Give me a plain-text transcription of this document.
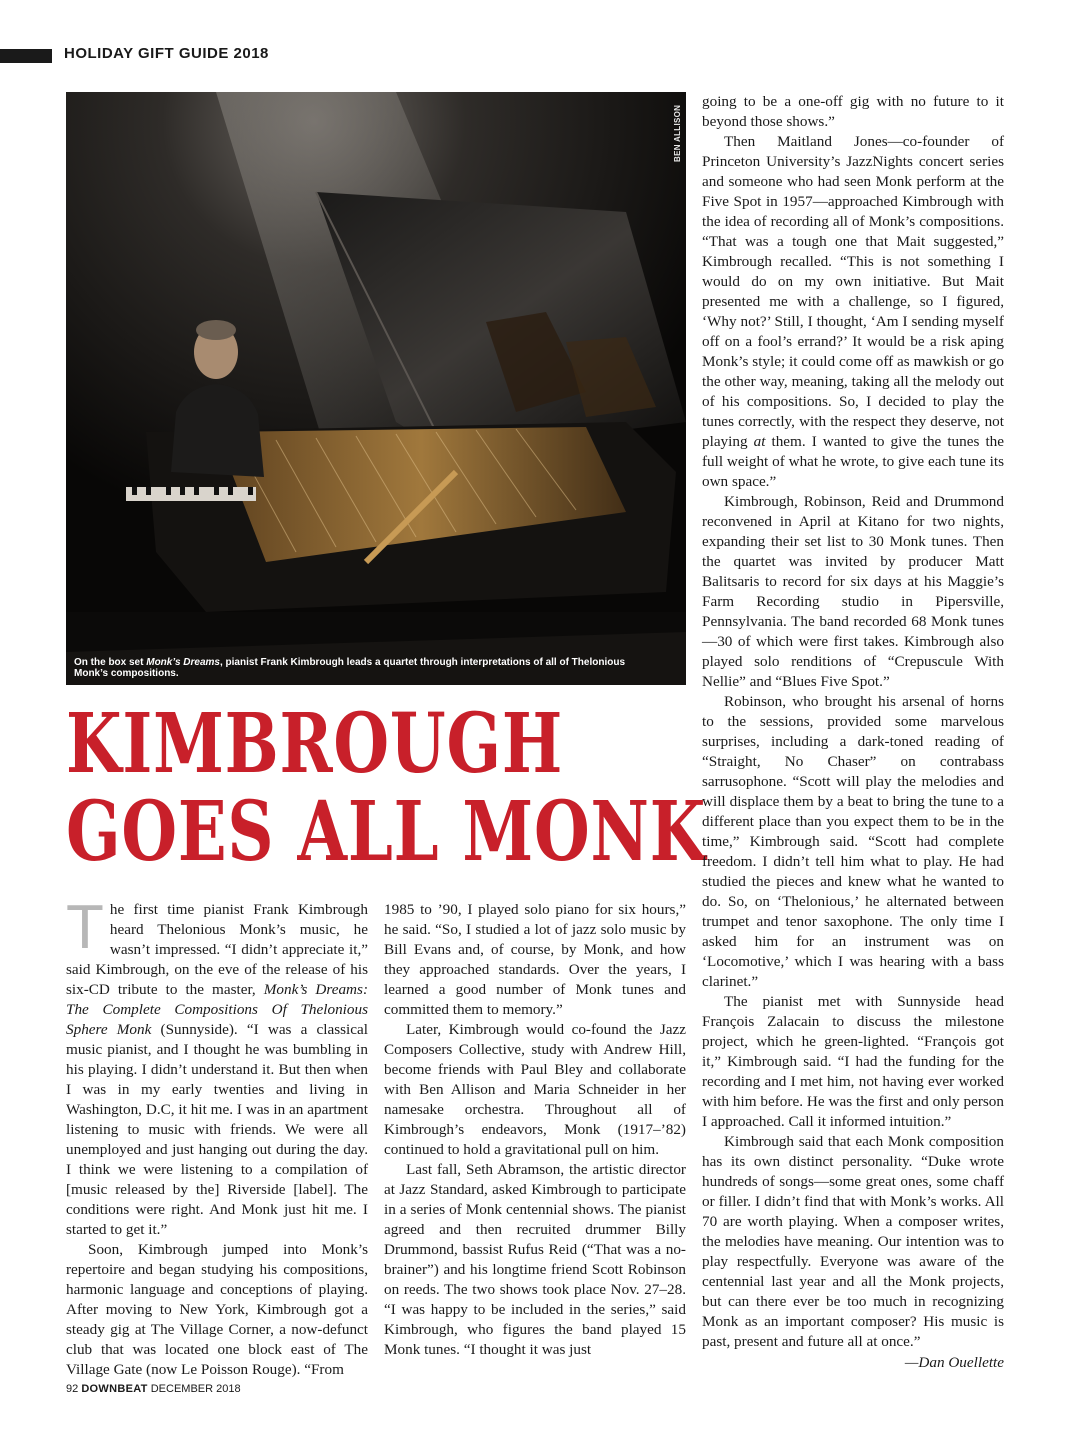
HOLIDAY GIFT GUIDE 2018
BEN ALLISON
On the box set Monk’s Dreams, pianist Frank Kimbrough leads a quartet through interpretations of all of Thelonious Monk’s compositions.
KIMBROUGH
GOES ALL MONK

The first time pianist Frank Kimbrough heard Thelonious Monk’s music, he wasn’t impressed. “I didn’t appreciate it,” said Kimbrough, on the eve of the release of his six-CD tribute to the master, Monk’s Dreams: The Complete Compositions Of Thelonious Sphere Monk (Sunnyside). “I was a classical music pianist, and I thought he was bumbling in his playing. I didn’t understand it. But then when I was in my early twenties and living in Washington, D.C, it hit me. I was in an apartment listening to music with friends. We were all unemployed and just hanging out during the day. I think we were listening to a compilation of [music released by the] Riverside [label]. The conditions were right. And Monk just hit me. I started to get it.”

Soon, Kimbrough jumped into Monk’s repertoire and began studying his compositions, harmonic language and conceptions of playing. After moving to New York, Kimbrough got a steady gig at The Village Corner, a now-defunct club that was located one block east of The Village Gate (now Le Poisson Rouge). “From

1985 to ’90, I played solo piano for six hours,” he said. “So, I studied a lot of jazz solo music by Bill Evans and, of course, by Monk, and how they approached standards. Over the years, I learned a good number of Monk tunes and committed them to memory.”

Later, Kimbrough would co-found the Jazz Composers Collective, study with Andrew Hill, become friends with Paul Bley and collaborate with Ben Allison and Maria Schneider in her namesake orchestra. Throughout all of Kimbrough’s endeavors, Monk (1917–’82) continued to hold a gravitational pull on him.

Last fall, Seth Abramson, the artistic director at Jazz Standard, asked Kimbrough to participate in a series of Monk centennial shows. The pianist agreed and then recruited drummer Billy Drummond, bassist Rufus Reid (“That was a no-brainer”) and his longtime friend Scott Robinson on reeds. The two shows took place Nov. 27–28. “I was happy to be included in the series,” said Kimbrough, who figures the band played 15 Monk tunes. “I thought it was just

going to be a one-off gig with no future to it beyond those shows.”

Then Maitland Jones—co-founder of Princeton University’s JazzNights concert series and someone who had seen Monk perform at the Five Spot in 1957—approached Kimbrough with the idea of recording all of Monk’s compositions. “That was a tough one that Mait suggested,” Kimbrough recalled. “This is not something I would do on my own initiative. But Mait presented me with a challenge, so I figured, ‘Why not?’ Still, I thought, ‘Am I sending myself off on a fool’s errand?’ It would be a risk aping Monk’s style; it could come off as mawkish or go the other way, meaning, taking all the melody out of his compositions. So, I decided to play the tunes correctly, with the respect they deserve, not playing at them. I wanted to give the tunes the full weight of what he wrote, to give each tune its own space.”

Kimbrough, Robinson, Reid and Drummond reconvened in April at Kitano for two nights, expanding their set list to 30 Monk tunes. Then the quartet was invited by producer Matt Balitsaris to record for six days at his Maggie’s Farm Recording studio in Pipersville, Pennsylvania. The band recorded 68 Monk tunes—30 of which were first takes. Kimbrough also played solo renditions of “Crepuscule With Nellie” and “Blues Five Spot.”

Robinson, who brought his arsenal of horns to the sessions, provided some marvelous surprises, including a dark-toned reading of “Straight, No Chaser” on contrabass sarrusophone. “Scott will play the melodies and will displace them by a beat to bring the tune to a different place than you expect them to be in the time,” Kimbrough said. “Scott had complete freedom. I didn’t tell him what to play. He had studied the pieces and knew what he wanted to do. So, on ‘Thelonious,’ he alternated between trumpet and tenor saxophone. The only time I asked him for an instrument was on ‘Locomotive,’ which I was hearing with a bass clarinet.”

The pianist met with Sunnyside head François Zalacain to discuss the milestone project, which he green-lighted. “François got it,” Kimbrough said. “I had the funding for the recording and I met him, not having ever worked with him before. He was the first and only person I approached. Call it informed intuition.”

Kimbrough said that each Monk composition has its own distinct personality. “Duke wrote hundreds of songs—some great ones, some chaff or filler. I didn’t find that with Monk’s works. All 70 are worth playing. When a composer writes, the melodies have meaning. Our intention was to play respectfully. Everyone was aware of the centennial last year and all the Monk projects, but can there ever be too much in recognizing Monk as an important composer? His music is past, present and future all at once.”

—Dan Ouellette
92 DOWNBEAT DECEMBER 2018
